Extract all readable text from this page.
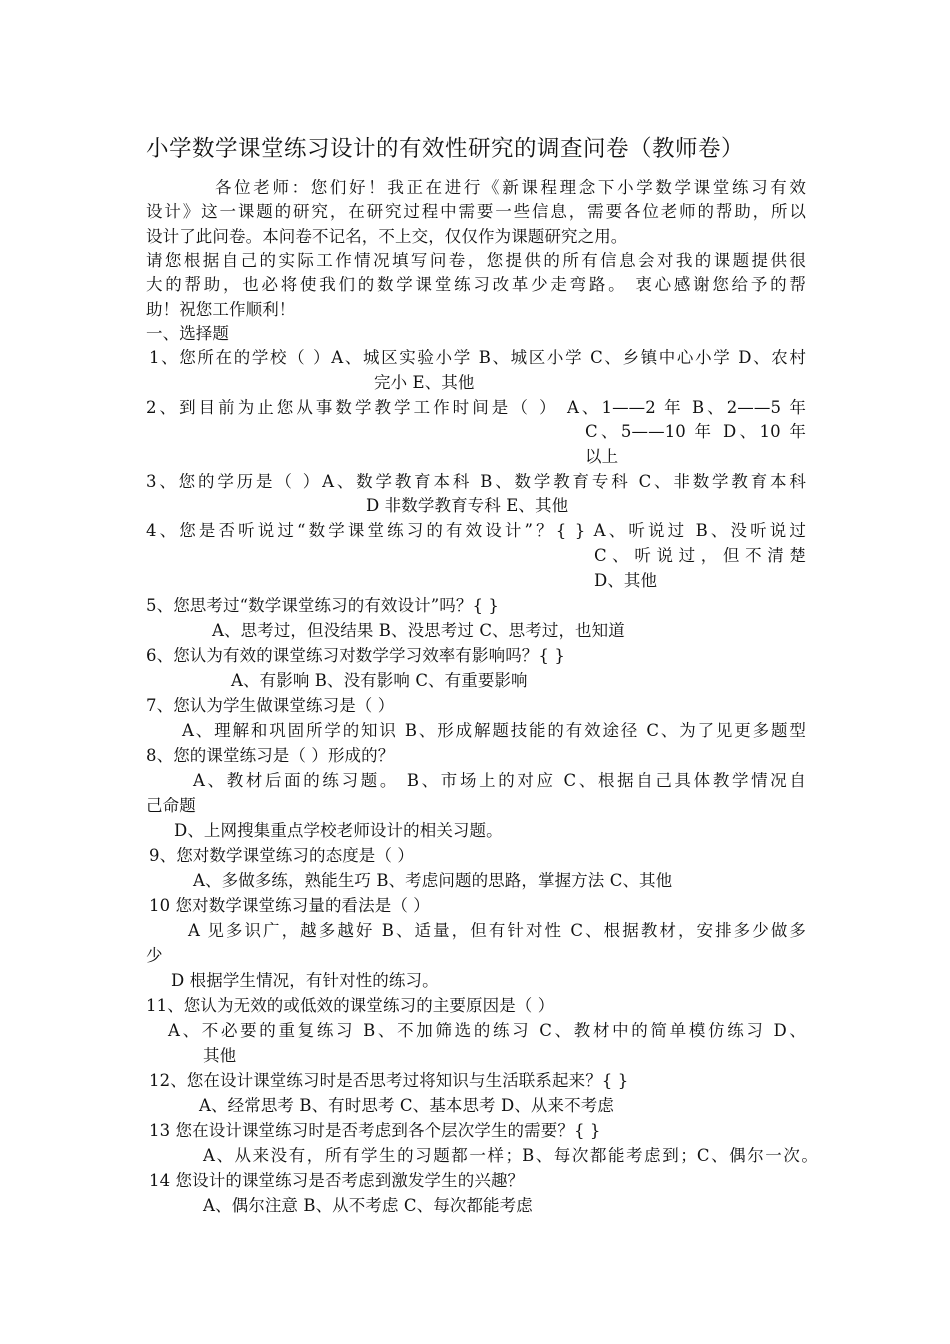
小学数学课堂练习设计的有效性研究的调查问卷（教师卷）
各位老师：您们好！我正在进行《新课程理念下小学数学课堂练习有效
设计》这一课题的研究，在研究过程中需要一些信息，需要各位老师的帮助，所以
设计了此问卷。本问卷不记名，不上交，仅仅作为课题研究之用。
请您根据自己的实际工作情况填写问卷，您提供的所有信息会对我的课题提供很
大的帮助，也必将使我们的数学课堂练习改革少走弯路。 衷心感谢您给予的帮
助！祝您工作顺利！
一、选择题
1、您所在的学校（ ）A、城区实验小学 B、城区小学 C、乡镇中心小学 D、农村
完小 E、其他
2、到目前为止您从事数学教学工作时间是（ ） A、1——2 年 B、2——5 年
C、5——10 年 D、10 年
以上
3、您的学历是（ ）A、数学教育本科 B、数学教育专科 C、非数学教育本科
D 非数学教育专科 E、其他
4、您是否听说过“数学课堂练习的有效设计”？{ } A、听说过 B、没听说过
C 、 听 说 过 ， 但 不 清 楚
D、其他
5、您思考过“数学课堂练习的有效设计”吗？{ }
A、思考过，但没结果 B、没思考过 C、思考过，也知道
6、您认为有效的课堂练习对数学学习效率有影响吗？{ }
A、有影响 B、没有影响 C、有重要影响
7、您认为学生做课堂练习是（ ）
A、理解和巩固所学的知识 B、形成解题技能的有效途径 C、为了见更多题型
8、您的课堂练习是（ ）形成的？
A、教材后面的练习题。 B、市场上的对应 C、根据自己具体教学情况自
己命题
D、上网搜集重点学校老师设计的相关习题。
9、您对数学课堂练习的态度是（ ）
A、多做多练，熟能生巧 B、考虑问题的思路，掌握方法 C、其他
10 您对数学课堂练习量的看法是（ ）
A 见多识广，越多越好 B、适量，但有针对性 C、根据教材，安排多少做多
少
D 根据学生情况，有针对性的练习。
11、您认为无效的或低效的课堂练习的主要原因是（ ）
A、不必要的重复练习 B、不加筛选的练习 C、教材中的简单模仿练习 D、
其他
12、您在设计课堂练习时是否思考过将知识与生活联系起来？{ }
A、经常思考 B、有时思考 C、基本思考 D、从来不考虑
13 您在设计课堂练习时是否考虑到各个层次学生的需要？{ }
A、从来没有，所有学生的习题都一样；B、每次都能考虑到；C、偶尔一次。
14 您设计的课堂练习是否考虑到激发学生的兴趣？
A、偶尔注意 B、从不考虑 C、每次都能考虑
